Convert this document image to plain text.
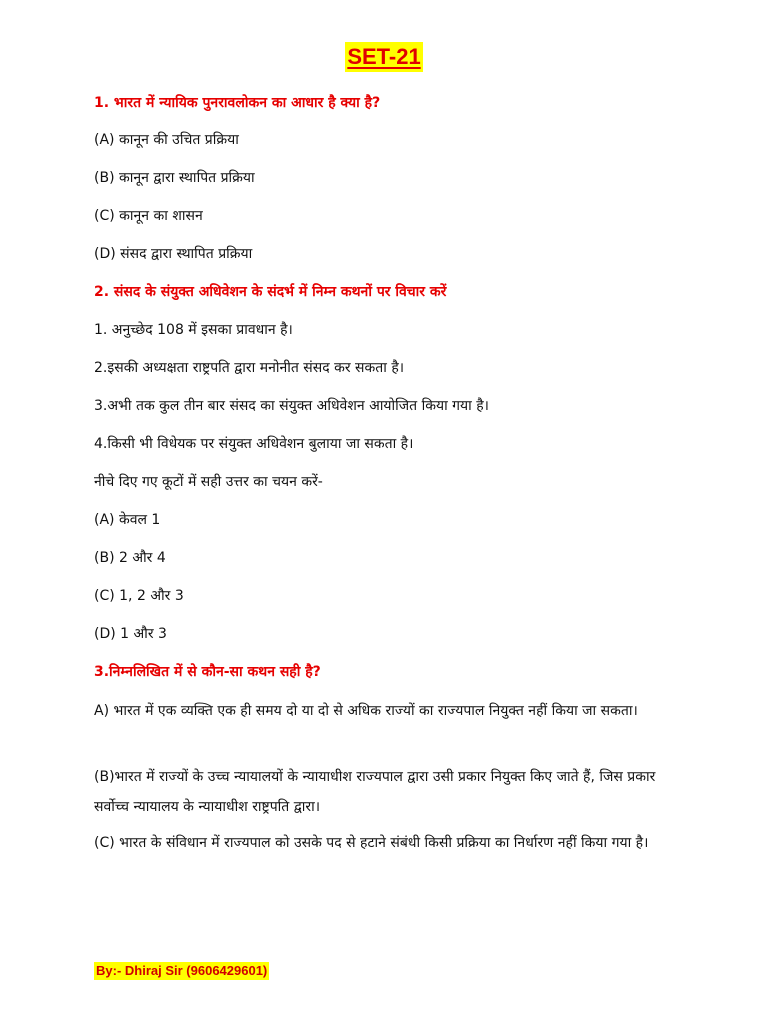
SET-21
1. भारत में न्यायिक पुनरावलोकन का आधार है क्या है?
(A) कानून की उचित प्रक्रिया
(B) कानून द्वारा स्थापित प्रक्रिया
(C) कानून का शासन
(D) संसद द्वारा स्थापित प्रक्रिया
2. संसद के संयुक्त अधिवेशन के संदर्भ में निम्न कथनों पर विचार करें
1. अनुच्छेद 108 में इसका प्रावधान है।
2.इसकी अध्यक्षता राष्ट्रपति द्वारा मनोनीत संसद कर सकता है।
3.अभी तक कुल तीन बार संसद का संयुक्त अधिवेशन आयोजित किया गया है।
4.किसी भी विधेयक पर संयुक्त अधिवेशन बुलाया जा सकता है।
नीचे दिए गए कूटों में सही उत्तर का चयन करें-
(A) केवल 1
(B) 2 और 4
(C) 1, 2 और 3
(D) 1 और 3
3.निम्नलिखित में से कौन-सा कथन सही है?
A) भारत में एक व्यक्ति एक ही समय दो या दो से अधिक राज्यों का राज्यपाल नियुक्त नहीं किया जा सकता।
(B)भारत में राज्यों के उच्च न्यायालयों के न्यायाधीश राज्यपाल द्वारा उसी प्रकार नियुक्त किए जाते हैं, जिस प्रकार सर्वोच्च न्यायालय के न्यायाधीश राष्ट्रपति द्वारा।
(C) भारत के संविधान में राज्यपाल को उसके पद से हटाने संबंधी किसी प्रक्रिया का निर्धारण नहीं किया गया है।
By:- Dhiraj Sir (9606429601)
